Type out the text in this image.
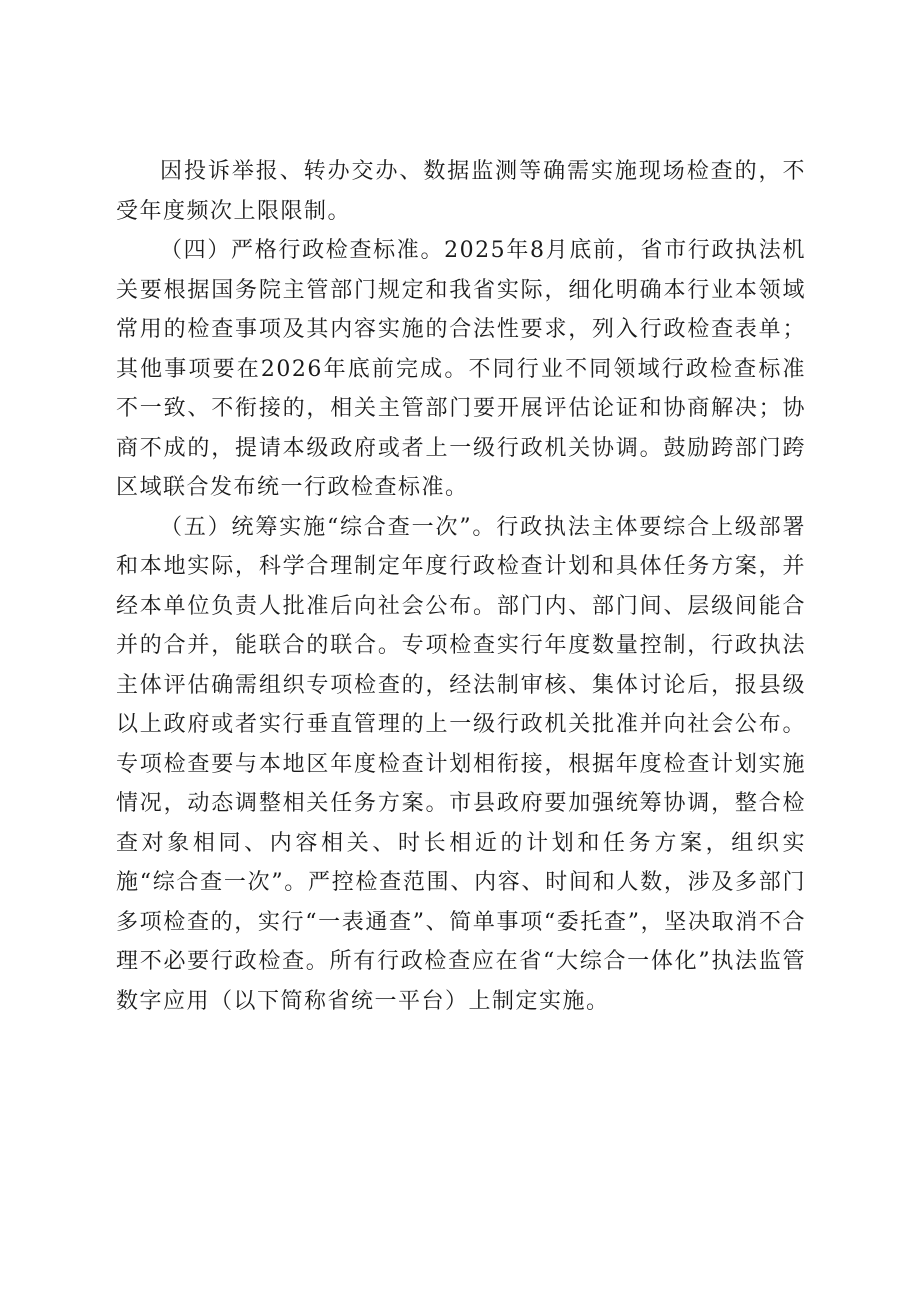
因投诉举报、转办交办、数据监测等确需实施现场检查的，不受年度频次上限限制。

（四）严格行政检查标准。2025年8月底前，省市行政执法机关要根据国务院主管部门规定和我省实际，细化明确本行业本领域常用的检查事项及其内容实施的合法性要求，列入行政检查表单；其他事项要在2026年底前完成。不同行业不同领域行政检查标准不一致、不衔接的，相关主管部门要开展评估论证和协商解决；协商不成的，提请本级政府或者上一级行政机关协调。鼓励跨部门跨区域联合发布统一行政检查标准。

（五）统筹实施“综合查一次”。行政执法主体要综合上级部署和本地实际，科学合理制定年度行政检查计划和具体任务方案，并经本单位负责人批准后向社会公布。部门内、部门间、层级间能合并的合并，能联合的联合。专项检查实行年度数量控制，行政执法主体评估确需组织专项检查的，经法制审核、集体讨论后，报县级以上政府或者实行垂直管理的上一级行政机关批准并向社会公布。专项检查要与本地区年度检查计划相衔接，根据年度检查计划实施情况，动态调整相关任务方案。市县政府要加强统筹协调，整合检查对象相同、内容相关、时长相近的计划和任务方案，组织实施“综合查一次”。严控检查范围、内容、时间和人数，涉及多部门多项检查的，实行“一表通查”、简单事项“委托查”，坚决取消不合理不必要行政检查。所有行政检查应在省“大综合一体化”执法监管数字应用（以下简称省统一平台）上制定实施。
